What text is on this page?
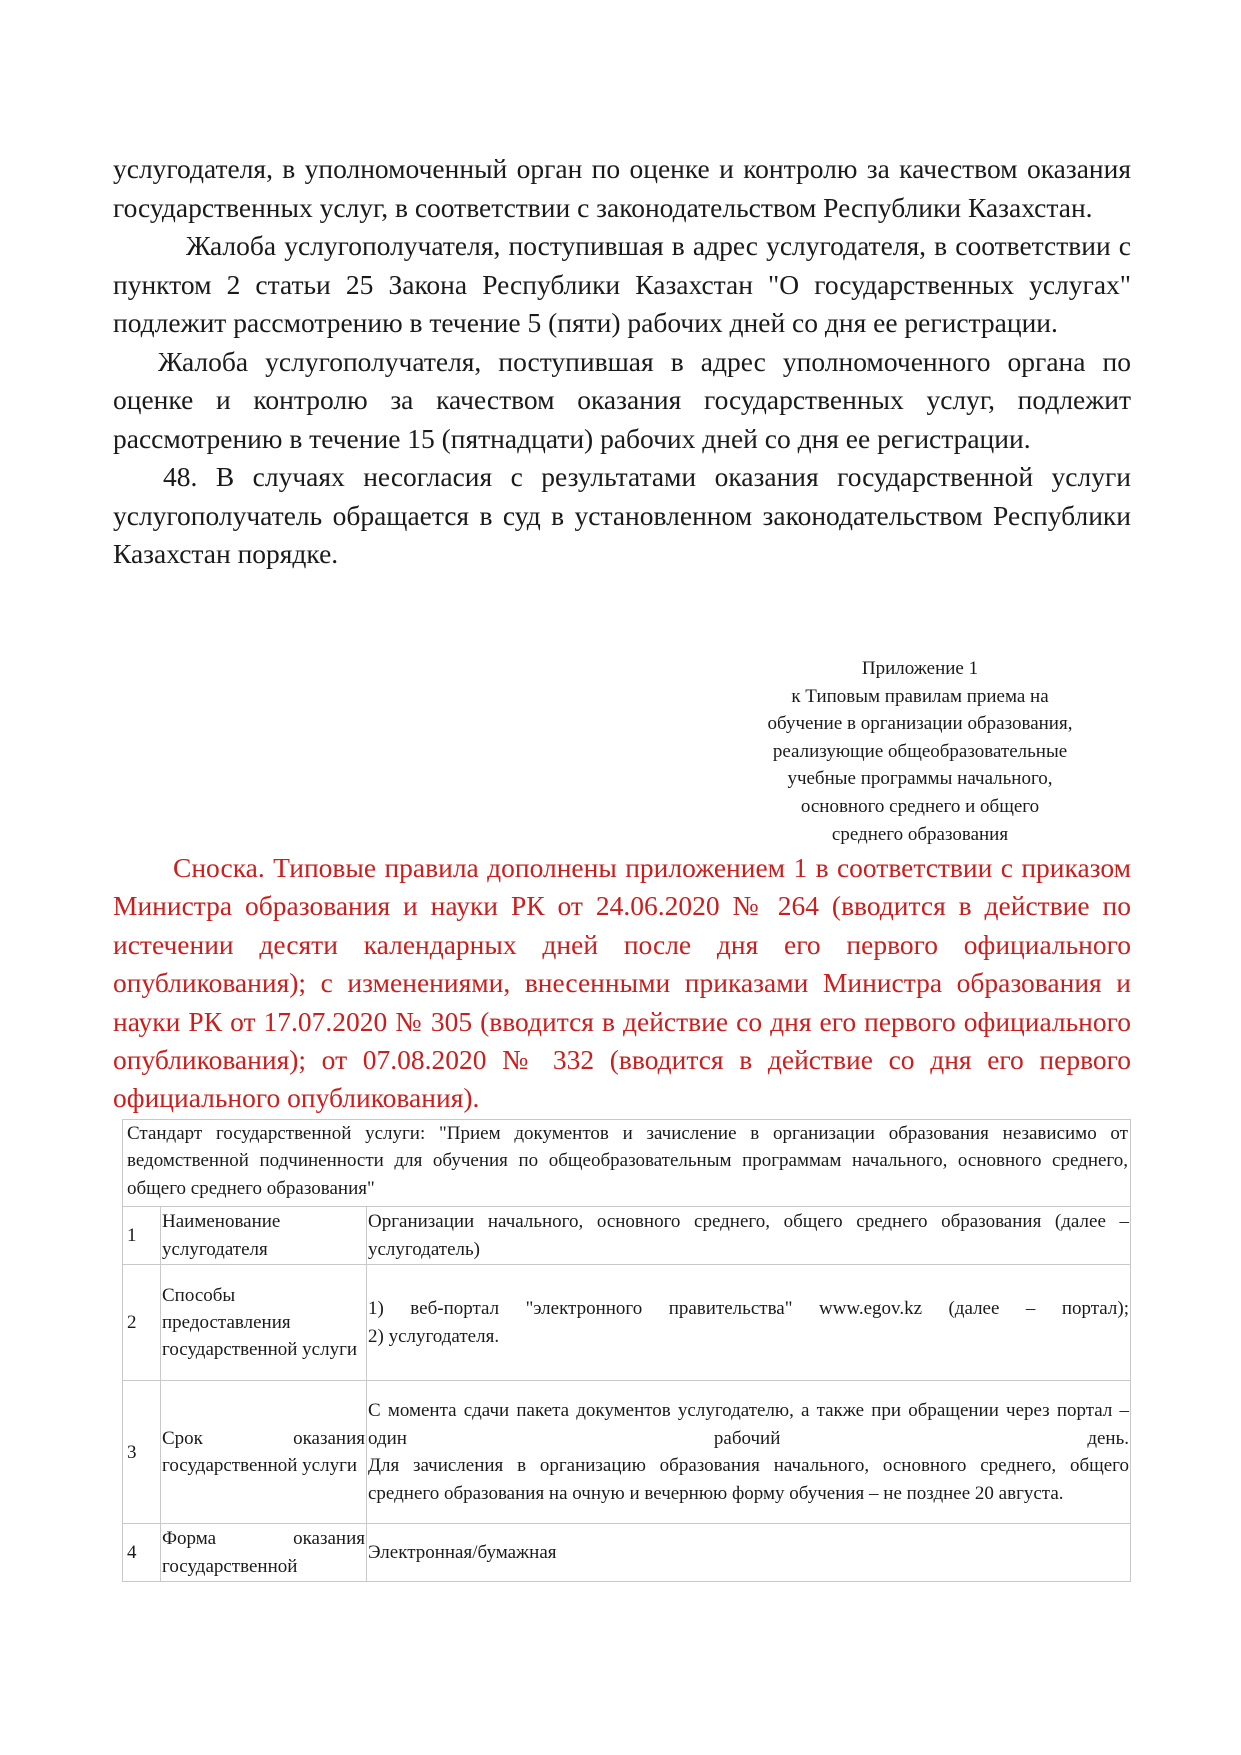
услугодателя, в уполномоченный орган по оценке и контролю за качеством оказания государственных услуг, в соответствии с законодательством Республики Казахстан.

Жалоба услугополучателя, поступившая в адрес услугодателя, в соответствии с пунктом 2 статьи 25 Закона Республики Казахстан "О государственных услугах" подлежит рассмотрению в течение 5 (пяти) рабочих дней со дня ее регистрации.

Жалоба услугополучателя, поступившая в адрес уполномоченного органа по оценке и контролю за качеством оказания государственных услуг, подлежит рассмотрению в течение 15 (пятнадцати) рабочих дней со дня ее регистрации.

48. В случаях несогласия с результатами оказания государственной услуги услугополучатель обращается в суд в установленном законодательством Республики Казахстан порядке.

Приложение 1
к Типовым правилам приема на
обучение в организации образования,
реализующие общеобразовательные
учебные программы начального,
основного среднего и общего
среднего образования

Сноска. Типовые правила дополнены приложением 1 в соответствии с приказом Министра образования и науки РК от 24.06.2020 № 264 (вводится в действие по истечении десяти календарных дней после дня его первого официального опубликования); с изменениями, внесенными приказами Министра образования и науки РК от 17.07.2020 № 305 (вводится в действие со дня его первого официального опубликования); от 07.08.2020 № 332 (вводится в действие со дня его первого официального опубликования).

Стандарт государственной услуги: "Прием документов и зачисление в организации образования независимо от ведомственной подчиненности для обучения по общеобразовательным программам начального, основного среднего, общего среднего образования"		
1	Наименование услугодателя	Организации начального, основного среднего, общего среднего образования (далее – услугодатель)
2	Способы предоставления государственной услуги	1) веб-портал "электронного правительства" www.egov.kz (далее – портал);
2) услугодателя.
3	Срок оказания государственной услуги	С момента сдачи пакета документов услугодателю, а также при обращении через портал – один рабочий день.
Для зачисления в организацию образования начального, основного среднего, общего среднего образования на очную и вечернюю форму обучения – не позднее 20 августа.
4	Форма оказания государственной	Электронная/бумажная
